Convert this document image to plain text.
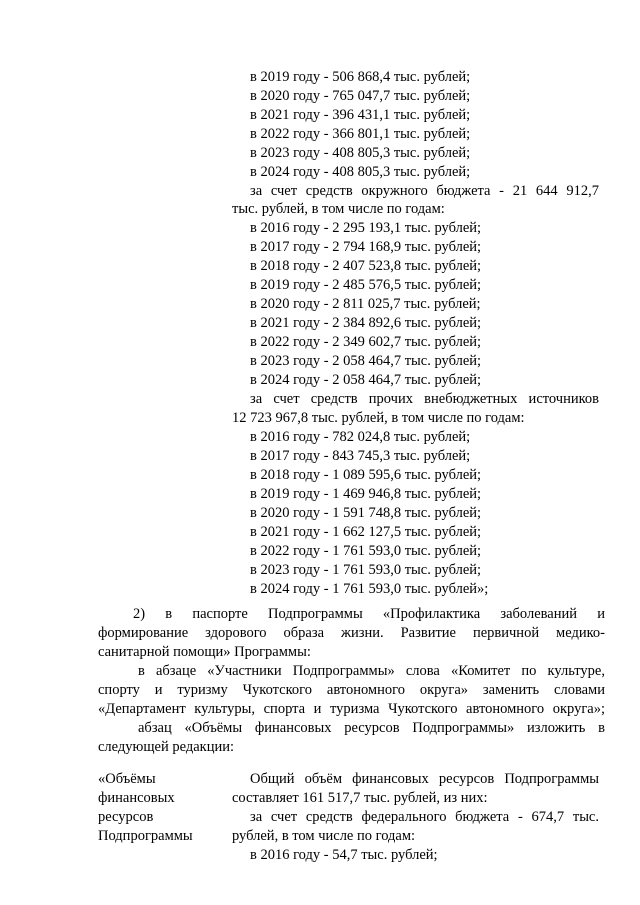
в 2019 году - 506 868,4 тыс. рублей;
в 2020 году - 765 047,7 тыс. рублей;
в 2021 году - 396 431,1 тыс. рублей;
в 2022 году - 366 801,1 тыс. рублей;
в 2023 году - 408 805,3 тыс. рублей;
в 2024 году - 408 805,3 тыс. рублей;
за счет средств окружного бюджета - 21 644 912,7
тыс. рублей, в том числе по годам:
в 2016 году - 2 295 193,1 тыс. рублей;
в 2017 году - 2 794 168,9 тыс. рублей;
в 2018 году - 2 407 523,8 тыс. рублей;
в 2019 году - 2 485 576,5 тыс. рублей;
в 2020 году - 2 811 025,7 тыс. рублей;
в 2021 году - 2 384 892,6 тыс. рублей;
в 2022 году - 2 349 602,7 тыс. рублей;
в 2023 году - 2 058 464,7 тыс. рублей;
в 2024 году - 2 058 464,7 тыс. рублей;
за счет средств прочих внебюджетных источников
12 723 967,8 тыс. рублей, в том числе по годам:
в 2016 году - 782 024,8 тыс. рублей;
в 2017 году - 843 745,3 тыс. рублей;
в 2018 году - 1 089 595,6 тыс. рублей;
в 2019 году - 1 469 946,8 тыс. рублей;
в 2020 году - 1 591 748,8 тыс. рублей;
в 2021 году - 1 662 127,5 тыс. рублей;
в 2022 году - 1 761 593,0 тыс. рублей;
в 2023 году - 1 761 593,0 тыс. рублей;
в 2024 году - 1 761 593,0 тыс. рублей»;
2) в паспорте Подпрограммы «Профилактика заболеваний и
формирование здорового образа жизни. Развитие первичной медико-
санитарной помощи» Программы:
в абзаце «Участники Подпрограммы» слова «Комитет по культуре,
спорту и туризму Чукотского автономного округа» заменить словами
«Департамент культуры, спорта и туризма Чукотского автономного округа»;
абзац «Объёмы финансовых ресурсов Подпрограммы» изложить в
следующей редакции:
«Объёмы
финансовых
ресурсов
Подпрограммы
Общий объём финансовых ресурсов Подпрограммы
составляет 161 517,7 тыс. рублей, из них:
за счет средств федерального бюджета - 674,7 тыс.
рублей, в том числе по годам:
в 2016 году - 54,7 тыс. рублей;
